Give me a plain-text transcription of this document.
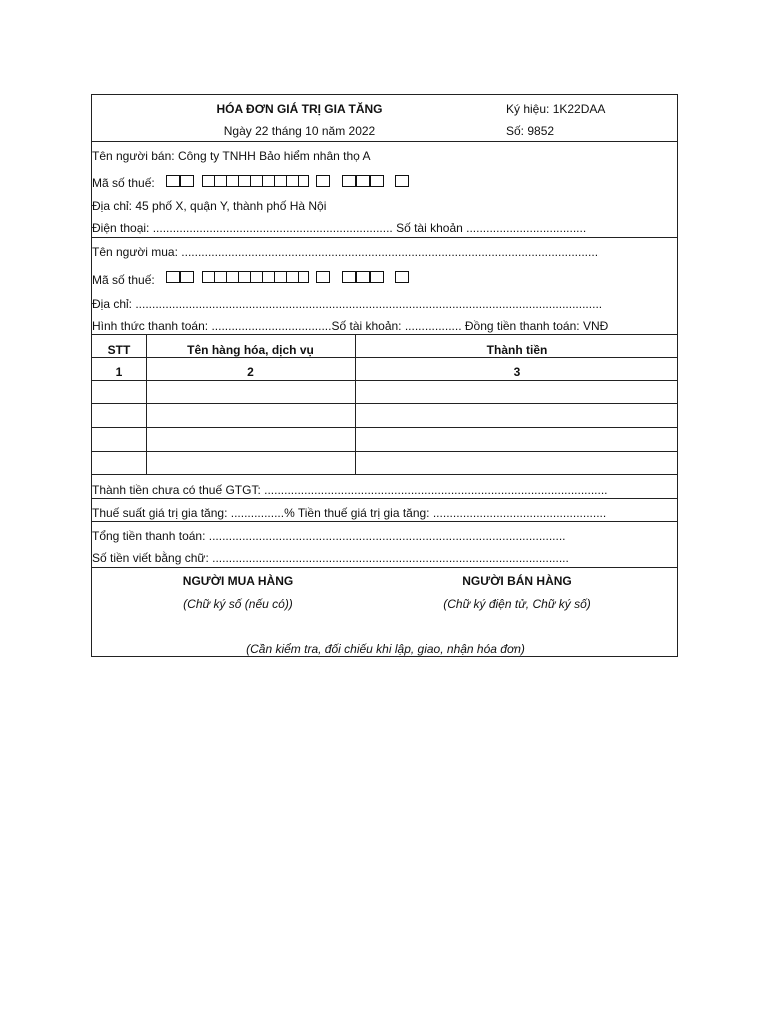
HÓA ĐƠN GIÁ TRỊ GIA TĂNG
Ngày 22 tháng 10 năm 2022
Ký hiệu: 1K22DAA
Số: 9852
Tên người bán: Công ty TNHH Bảo hiểm nhân thọ A
Mã số thuế:
Địa chỉ: 45 phố X, quận Y, thành phố Hà Nội
Điện thoại: ........................................................................ Số tài khoản ....................................
Tên người mua: .............................................................................................................................
Mã số thuế:
Địa chỉ: ............................................................................................................................................
Hình thức thanh toán: ....................................Số tài khoản: ................. Đồng tiền thanh toán: VNĐ
STT	Tên hàng hóa, dịch vụ	Thành tiền
1	2	3
Thành tiền chưa có thuế GTGT: .......................................................................................................
Thuế suất giá trị gia tăng: ................% Tiền thuế giá trị gia tăng: ....................................................
Tổng tiền thanh toán: ...........................................................................................................
Số tiền viết bằng chữ: ...........................................................................................................
NGƯỜI MUA HÀNG
(Chữ ký số (nếu có))
NGƯỜI BÁN HÀNG
(Chữ ký điện tử, Chữ ký số)
(Cần kiểm tra, đối chiếu khi lập, giao, nhận hóa đơn)
